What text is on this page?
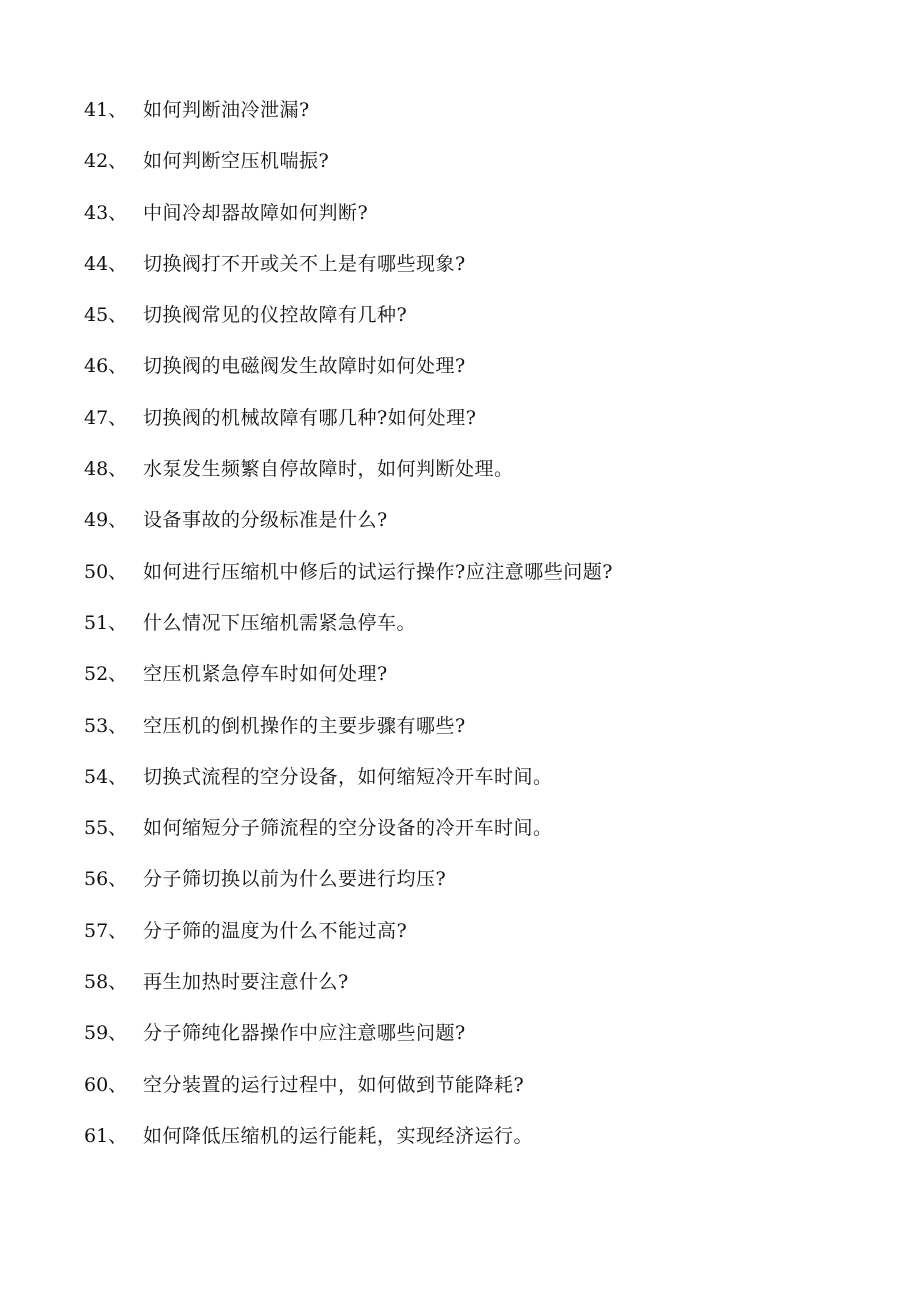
41、 如何判断油冷泄漏?
42、 如何判断空压机喘振?
43、 中间冷却器故障如何判断?
44、 切换阀打不开或关不上是有哪些现象?
45、 切换阀常见的仪控故障有几种?
46、 切换阀的电磁阀发生故障时如何处理?
47、 切换阀的机械故障有哪几种?如何处理?
48、 水泵发生频繁自停故障时，如何判断处理。
49、 设备事故的分级标准是什么?
50、 如何进行压缩机中修后的试运行操作?应注意哪些问题?
51、 什么情况下压缩机需紧急停车。
52、 空压机紧急停车时如何处理?
53、 空压机的倒机操作的主要步骤有哪些?
54、 切换式流程的空分设备，如何缩短冷开车时间。
55、 如何缩短分子筛流程的空分设备的冷开车时间。
56、 分子筛切换以前为什么要进行均压?
57、 分子筛的温度为什么不能过高?
58、 再生加热时要注意什么?
59、 分子筛纯化器操作中应注意哪些问题?
60、 空分装置的运行过程中，如何做到节能降耗?
61、 如何降低压缩机的运行能耗，实现经济运行。
